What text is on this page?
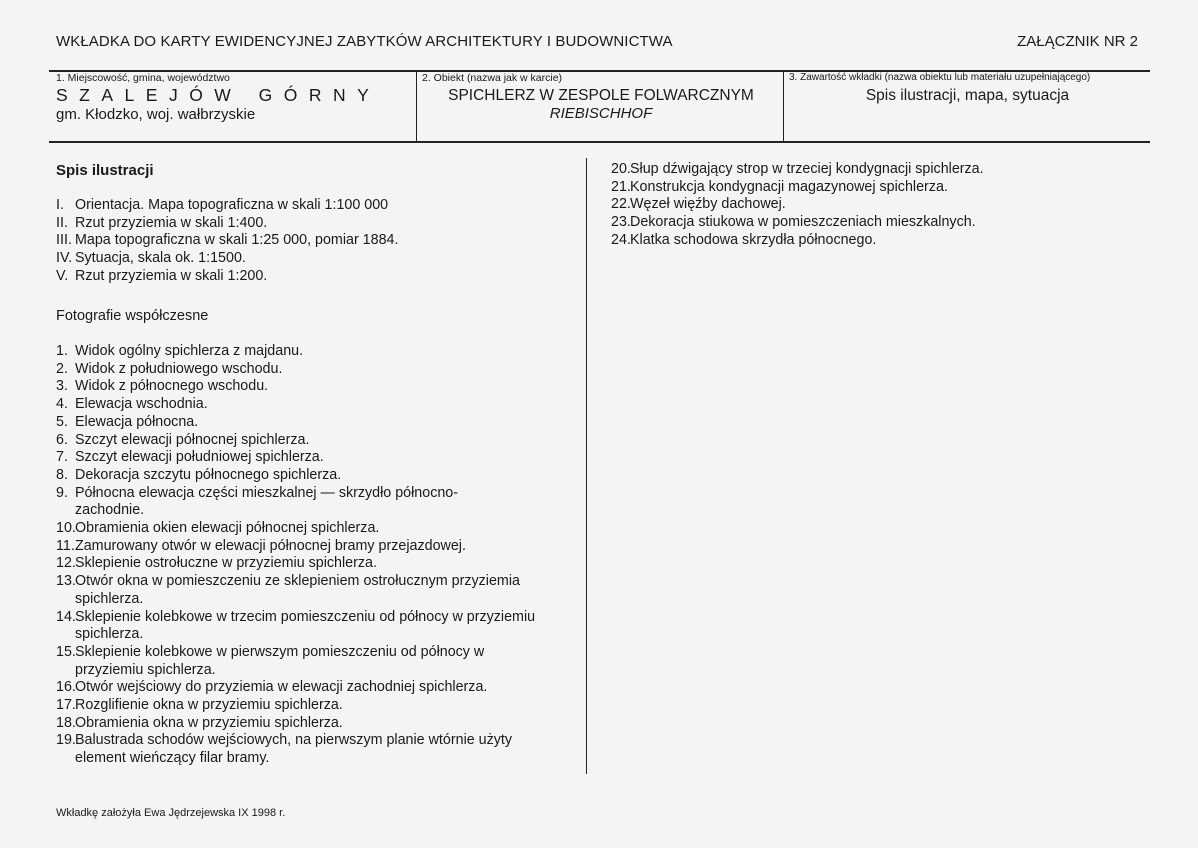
WKŁADKA DO KARTY EWIDENCYJNEJ ZABYTKÓW ARCHITEKTURY I BUDOWNICTWA	ZAŁĄCZNIK NR 2
1. Miejscowość, gmina, województwo
SZALEJÓW GÓRNY
gm. Kłodzko, woj. wałbrzyskie
2. Obiekt (nazwa jak w karcie)
SPICHLERZ W ZESPOLE FOLWARCZNYM
RIEBISCHHOF
3. Zawartość wkładki (nazwa obiektu lub materiału uzupełniającego)
Spis ilustracji, mapa, sytuacja
Spis ilustracji
I. Orientacja. Mapa topograficzna w skali 1:100 000
II. Rzut przyziemia w skali 1:400.
III. Mapa topograficzna w skali 1:25 000, pomiar 1884.
IV. Sytuacja, skala ok. 1:1500.
V. Rzut przyziemia w skali 1:200.
Fotografie współczesne
1. Widok ogólny spichlerza z majdanu.
2. Widok z południowego wschodu.
3. Widok z północnego wschodu.
4. Elewacja wschodnia.
5. Elewacja północna.
6. Szczyt elewacji północnej spichlerza.
7. Szczyt elewacji południowej spichlerza.
8. Dekoracja szczytu północnego spichlerza.
9. Północna elewacja części mieszkalnej — skrzydło północno-zachodnie.
10. Obramienia okien elewacji północnej spichlerza.
11. Zamurowany otwór w elewacji północnej bramy przejazdowej.
12. Sklepienie ostrołuczne w przyziemiu spichlerza.
13. Otwór okna w pomieszczeniu ze sklepieniem ostrołucznym przyziemia spichlerza.
14. Sklepienie kolebkowe w trzecim pomieszczeniu od północy w przyziemiu spichlerza.
15. Sklepienie kolebkowe w pierwszym pomieszczeniu od północy w przyziemiu spichlerza.
16. Otwór wejściowy do przyziemia w elewacji zachodniej spichlerza.
17. Rozglifienie okna w przyziemiu spichlerza.
18. Obramienia okna w przyziemiu spichlerza.
19. Balustrada schodów wejściowych, na pierwszym planie wtórnie użyty element wieńczący filar bramy.
20. Słup dźwigający strop w trzeciej kondygnacji spichlerza.
21. Konstrukcja kondygnacji magazynowej spichlerza.
22. Węzeł więźby dachowej.
23. Dekoracja stiukowa w pomieszczeniach mieszkalnych.
24. Klatka schodowa skrzydła północnego.
Wkładkę założyła Ewa Jędrzejewska IX 1998 r.
